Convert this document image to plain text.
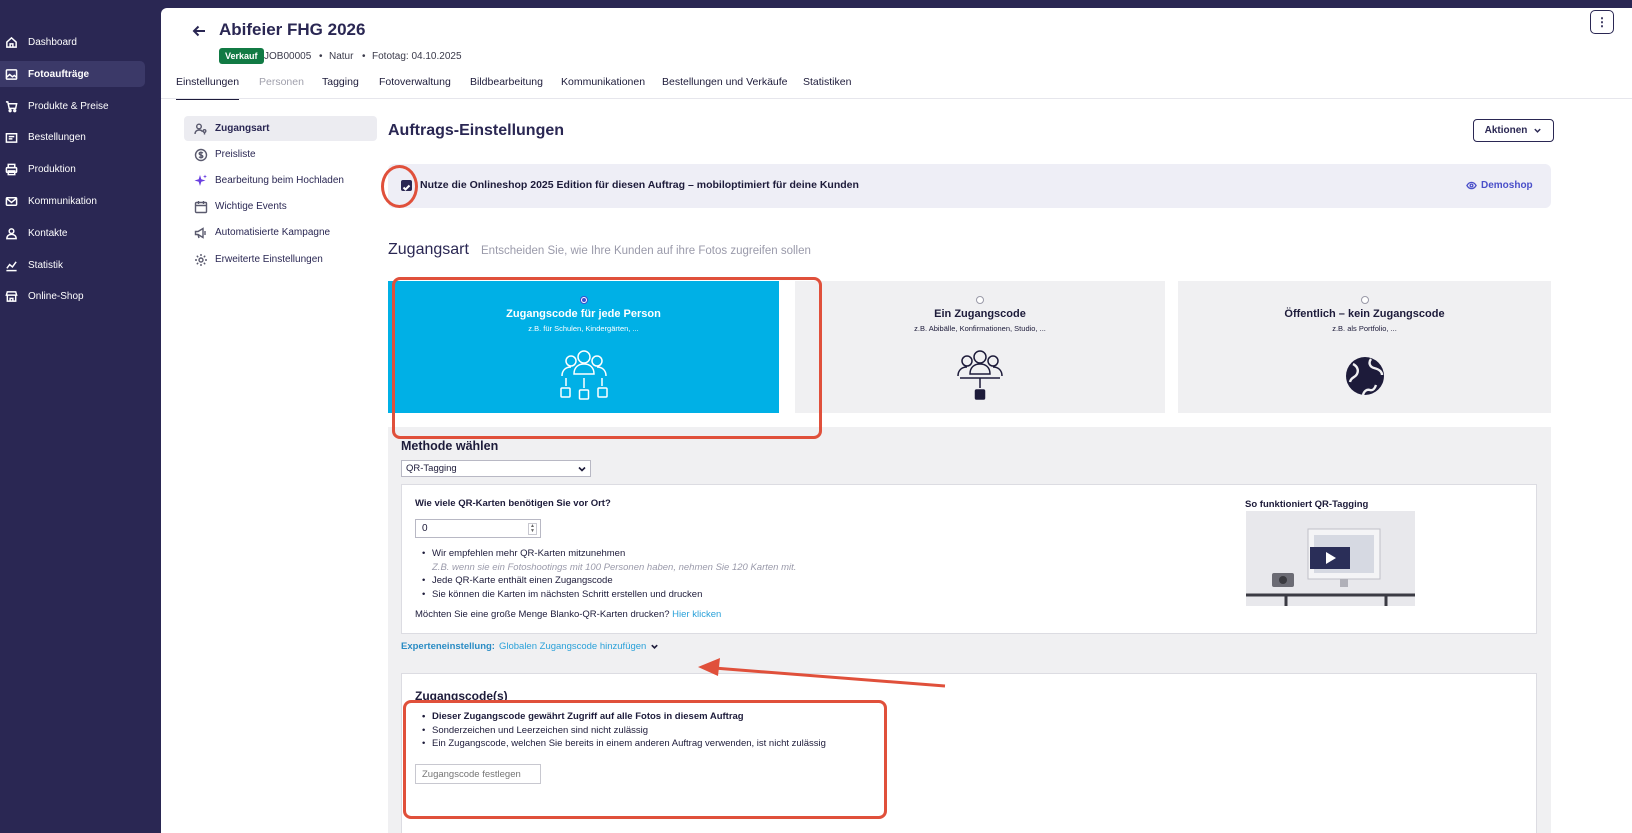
Dashboard
Fotoaufträge
Produkte & Preise
Bestellungen
Produktion
Kommunikation
Kontakte
Statistik
Online-Shop
Abifeier FHG 2026
Verkauf JOB00005 • Natur • Fototag: 04.10.2025
⋮
Einstellungen Personen Tagging Fotoverwaltung Bildbearbeitung Kommunikationen Bestellungen und Verkäufe Statistiken
Zugangsart
Preisliste
Bearbeitung beim Hochladen
Wichtige Events
Automatisierte Kampagne
Erweiterte Einstellungen
Auftrags-Einstellungen	Aktionen
Nutze die Onlineshop 2025 Edition für diesen Auftrag – mobiloptimiert für deine Kunden	Demoshop
Zugangsart Entscheiden Sie, wie Ihre Kunden auf ihre Fotos zugreifen sollen
Zugangscode für jede Person
z.B. für Schulen, Kindergärten, ...
Ein Zugangscode
z.B. Abibälle, Konfirmationen, Studio, ...
Öffentlich – kein Zugangscode
z.B. als Portfolio, ...
Methode wählen
QR-Tagging
Wie viele QR-Karten benötigen Sie vor Ort?
0	▲
▼
• Wir empfehlen mehr QR-Karten mitzunehmen
Z.B. wenn sie ein Fotoshootings mit 100 Personen haben, nehmen Sie 120 Karten mit.
• Jede QR-Karte enthält einen Zugangscode
• Sie können die Karten im nächsten Schritt erstellen und drucken
Möchten Sie eine große Menge Blanko-QR-Karten drucken? Hier klicken
So funktioniert QR-Tagging
Experteneinstellung: Globalen Zugangscode hinzufügen
Zugangscode(s)
• Dieser Zugangscode gewährt Zugriff auf alle Fotos in diesem Auftrag
• Sonderzeichen und Leerzeichen sind nicht zulässig
• Ein Zugangscode, welchen Sie bereits in einem anderen Auftrag verwenden, ist nicht zulässig
Zugangscode festlegen
